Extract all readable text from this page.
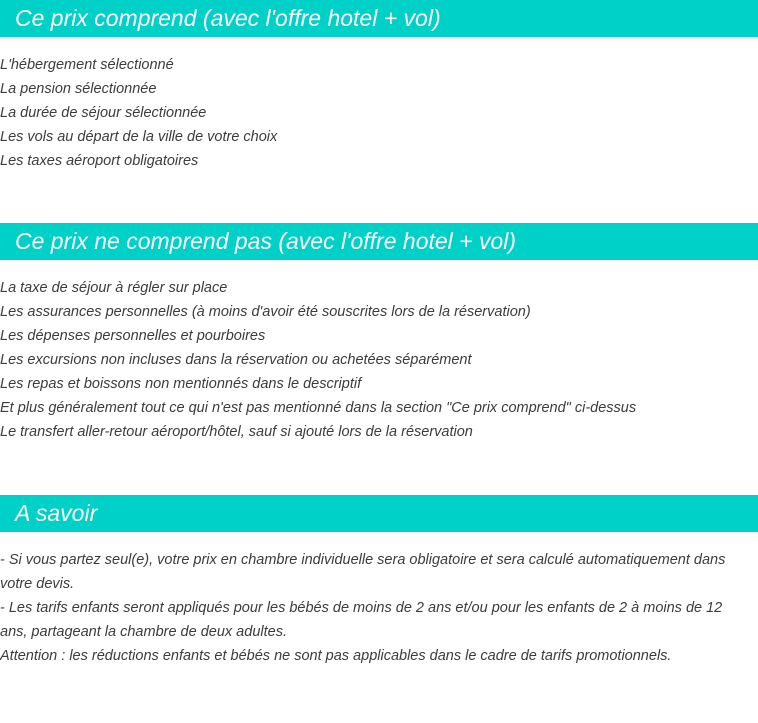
Ce prix comprend (avec l'offre hotel + vol)
L'hébergement sélectionné
La pension sélectionnée
La durée de séjour sélectionnée
Les vols au départ de la ville de votre choix
Les taxes aéroport obligatoires
Ce prix ne comprend pas (avec l'offre hotel + vol)
La taxe de séjour à régler sur place
Les assurances personnelles (à moins d'avoir été souscrites lors de la réservation)
Les dépenses personnelles et pourboires
Les excursions non incluses dans la réservation ou achetées séparément
Les repas et boissons non mentionnés dans le descriptif
Et plus généralement tout ce qui n'est pas mentionné dans la section "Ce prix comprend" ci-dessus
Le transfert aller-retour aéroport/hôtel, sauf si ajouté lors de la réservation
A savoir

- Si vous partez seul(e), votre prix en chambre individuelle sera obligatoire et sera calculé automatiquement dans votre devis.

- Les tarifs enfants seront appliqués pour les bébés de moins de 2 ans et/ou pour les enfants de 2 à moins de 12 ans, partageant la chambre de deux adultes.

Attention : les réductions enfants et bébés ne sont pas applicables dans le cadre de tarifs promotionnels.
